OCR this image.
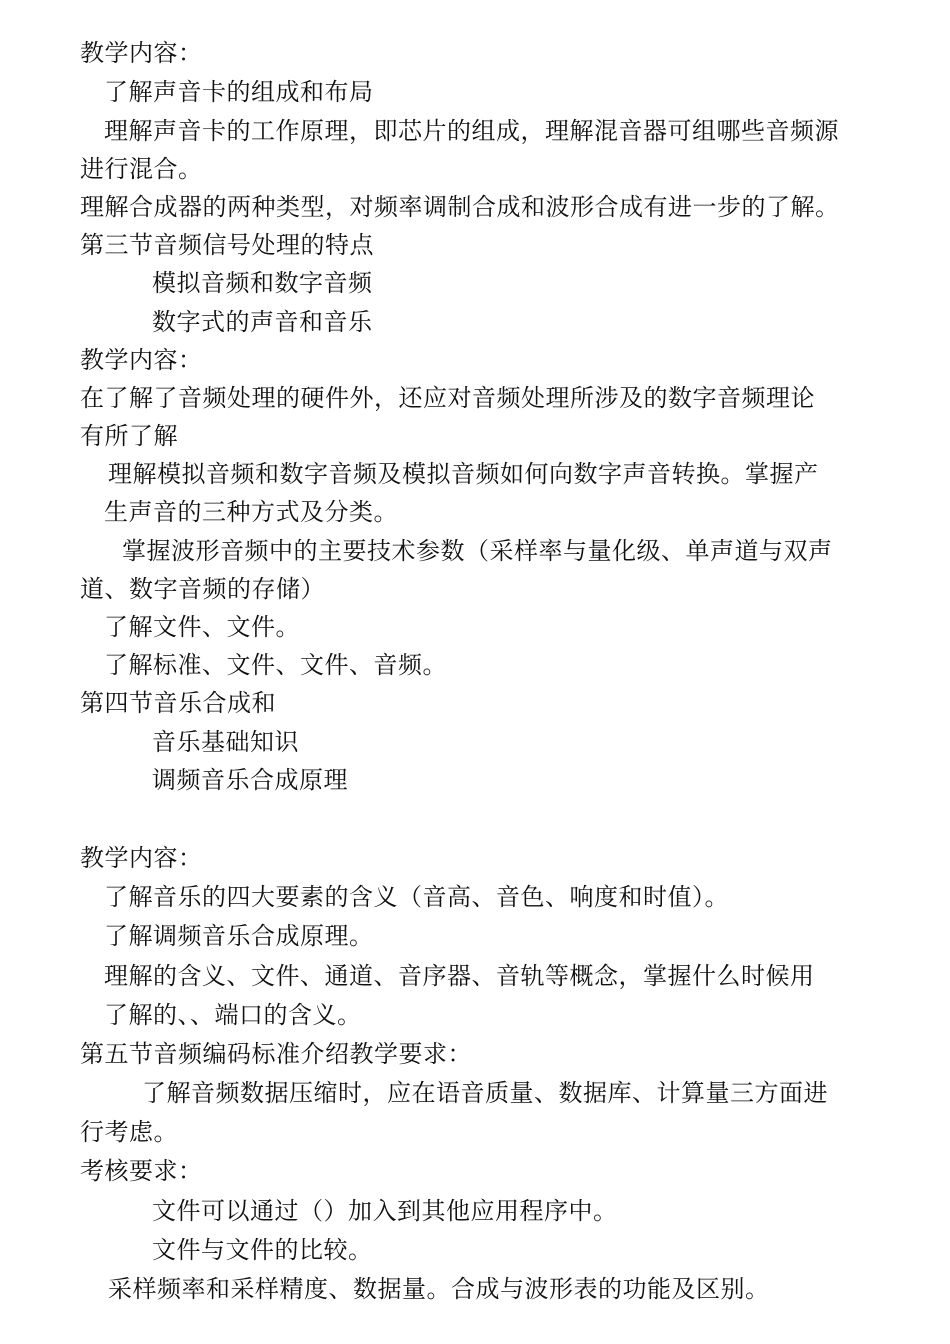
教学内容：
了解声音卡的组成和布局
理解声音卡的工作原理，即芯片的组成，理解混音器可组哪些音频源
进行混合。
理解合成器的两种类型，对频率调制合成和波形合成有进一步的了解。
第三节音频信号处理的特点
模拟音频和数字音频
数字式的声音和音乐
教学内容：
在了解了音频处理的硬件外，还应对音频处理所涉及的数字音频理论
有所了解
理解模拟音频和数字音频及模拟音频如何向数字声音转换。掌握产
生声音的三种方式及分类。
掌握波形音频中的主要技术参数（采样率与量化级、单声道与双声
道、数字音频的存储）
了解文件、文件。
了解标准、文件、文件、音频。
第四节音乐合成和
音乐基础知识
调频音乐合成原理
教学内容：
了解音乐的四大要素的含义（音高、音色、响度和时值）。
了解调频音乐合成原理。
理解的含义、文件、通道、音序器、音轨等概念，掌握什么时候用
了解的、、端口的含义。
第五节音频编码标准介绍教学要求：
了解音频数据压缩时，应在语音质量、数据库、计算量三方面进
行考虑。
考核要求：
文件可以通过（）加入到其他应用程序中。
文件与文件的比较。
采样频率和采样精度、数据量。合成与波形表的功能及区别。
